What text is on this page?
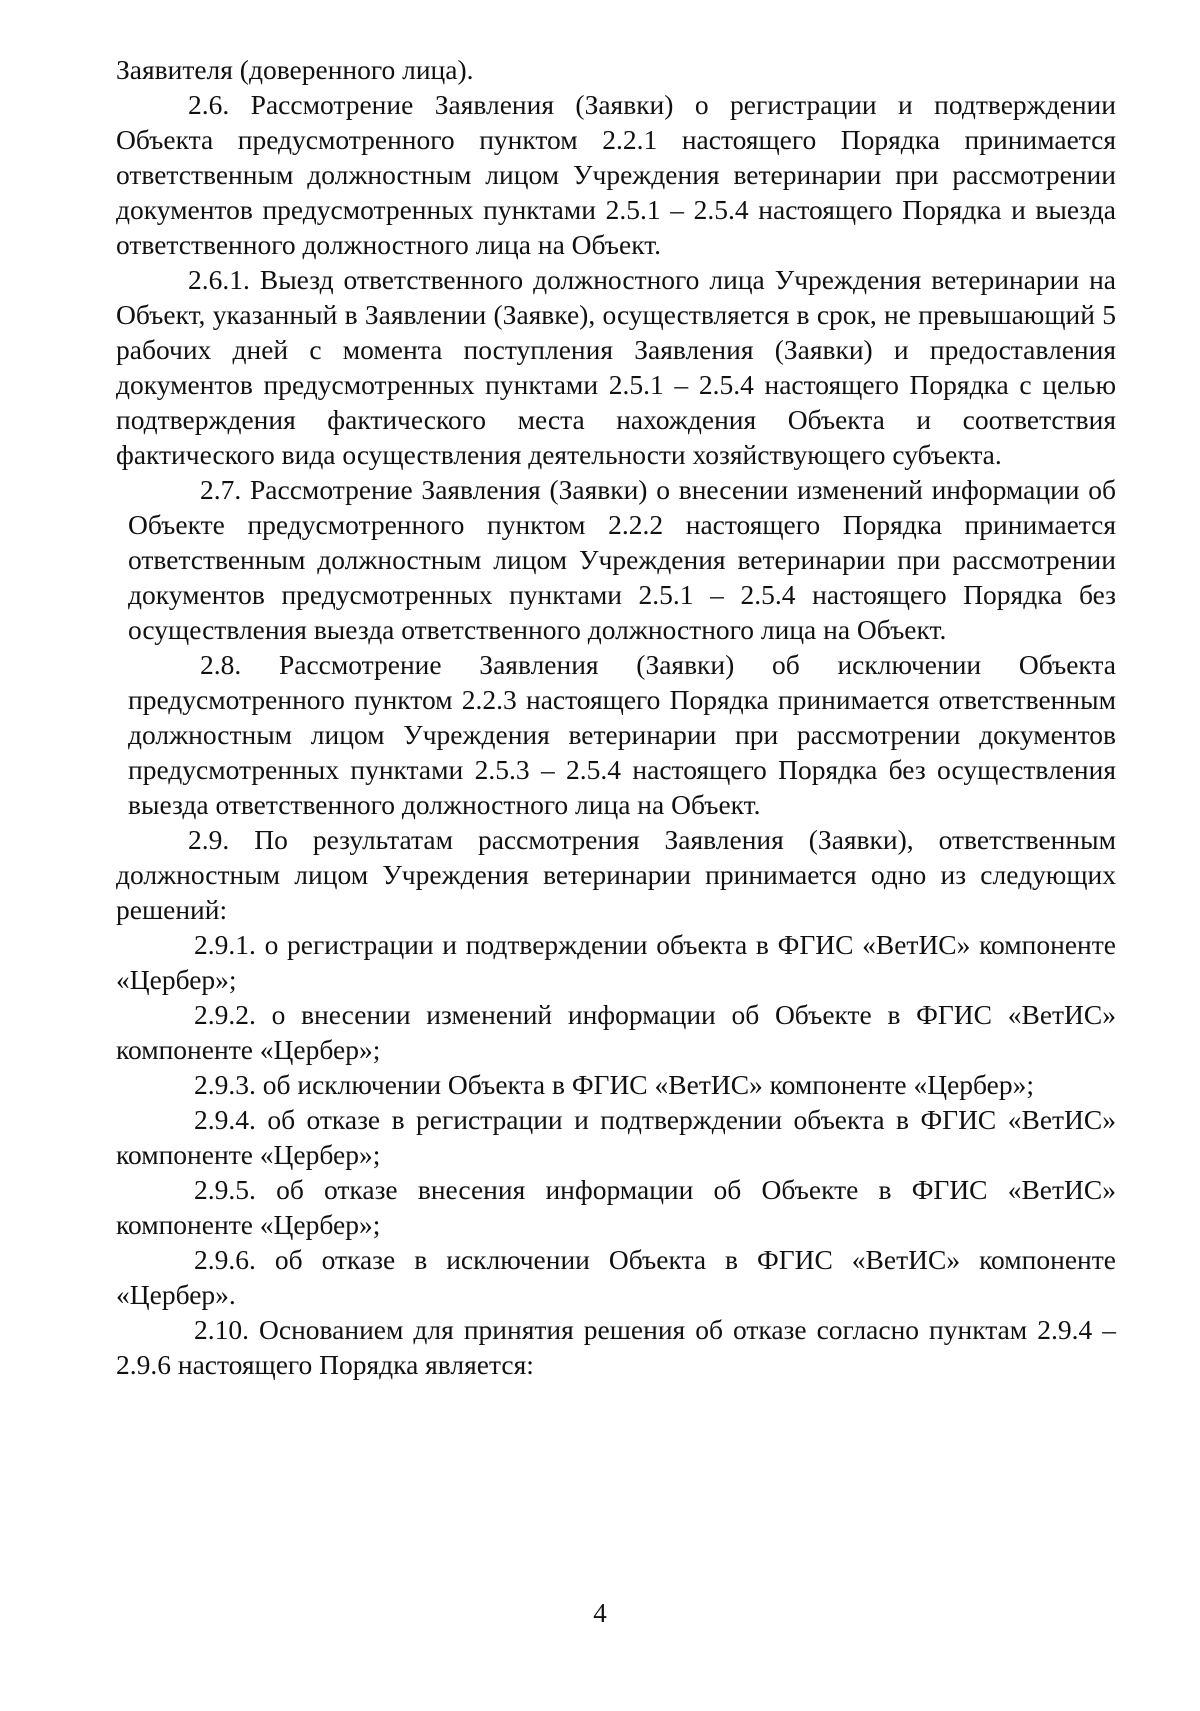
Заявителя (доверенного лица).

2.6. Рассмотрение Заявления (Заявки) о регистрации и подтверждении Объекта предусмотренного пунктом 2.2.1 настоящего Порядка принимается ответственным должностным лицом Учреждения ветеринарии при рассмотрении документов предусмотренных пунктами 2.5.1 – 2.5.4 настоящего Порядка и выезда ответственного должностного лица на Объект.

2.6.1. Выезд ответственного должностного лица Учреждения ветеринарии на Объект, указанный в Заявлении (Заявке), осуществляется в срок, не превышающий 5 рабочих дней с момента поступления Заявления (Заявки) и предоставления документов предусмотренных пунктами 2.5.1 – 2.5.4 настоящего Порядка с целью подтверждения фактического места нахождения Объекта и соответствия фактического вида осуществления деятельности хозяйствующего субъекта.

2.7. Рассмотрение Заявления (Заявки) о внесении изменений информации об Объекте предусмотренного пунктом 2.2.2 настоящего Порядка принимается ответственным должностным лицом Учреждения ветеринарии при рассмотрении документов предусмотренных пунктами 2.5.1 – 2.5.4 настоящего Порядка без осуществления выезда ответственного должностного лица на Объект.

2.8. Рассмотрение Заявления (Заявки) об исключении Объекта предусмотренного пунктом 2.2.3 настоящего Порядка принимается ответственным должностным лицом Учреждения ветеринарии при рассмотрении документов предусмотренных пунктами 2.5.3 – 2.5.4 настоящего Порядка без осуществления выезда ответственного должностного лица на Объект.

2.9. По результатам рассмотрения Заявления (Заявки), ответственным должностным лицом Учреждения ветеринарии принимается одно из следующих решений:

2.9.1. о регистрации и подтверждении объекта в ФГИС «ВетИС» компоненте «Цербер»;

2.9.2. о внесении изменений информации об Объекте в ФГИС «ВетИС» компоненте «Цербер»;

2.9.3. об исключении Объекта в ФГИС «ВетИС» компоненте «Цербер»;

2.9.4. об отказе в регистрации и подтверждении объекта в ФГИС «ВетИС» компоненте «Цербер»;

2.9.5. об отказе внесения информации об Объекте в ФГИС «ВетИС» компоненте «Цербер»;

2.9.6. об отказе в исключении Объекта в ФГИС «ВетИС» компоненте «Цербер».

2.10. Основанием для принятия решения об отказе согласно пунктам 2.9.4 – 2.9.6 настоящего Порядка является:

4
